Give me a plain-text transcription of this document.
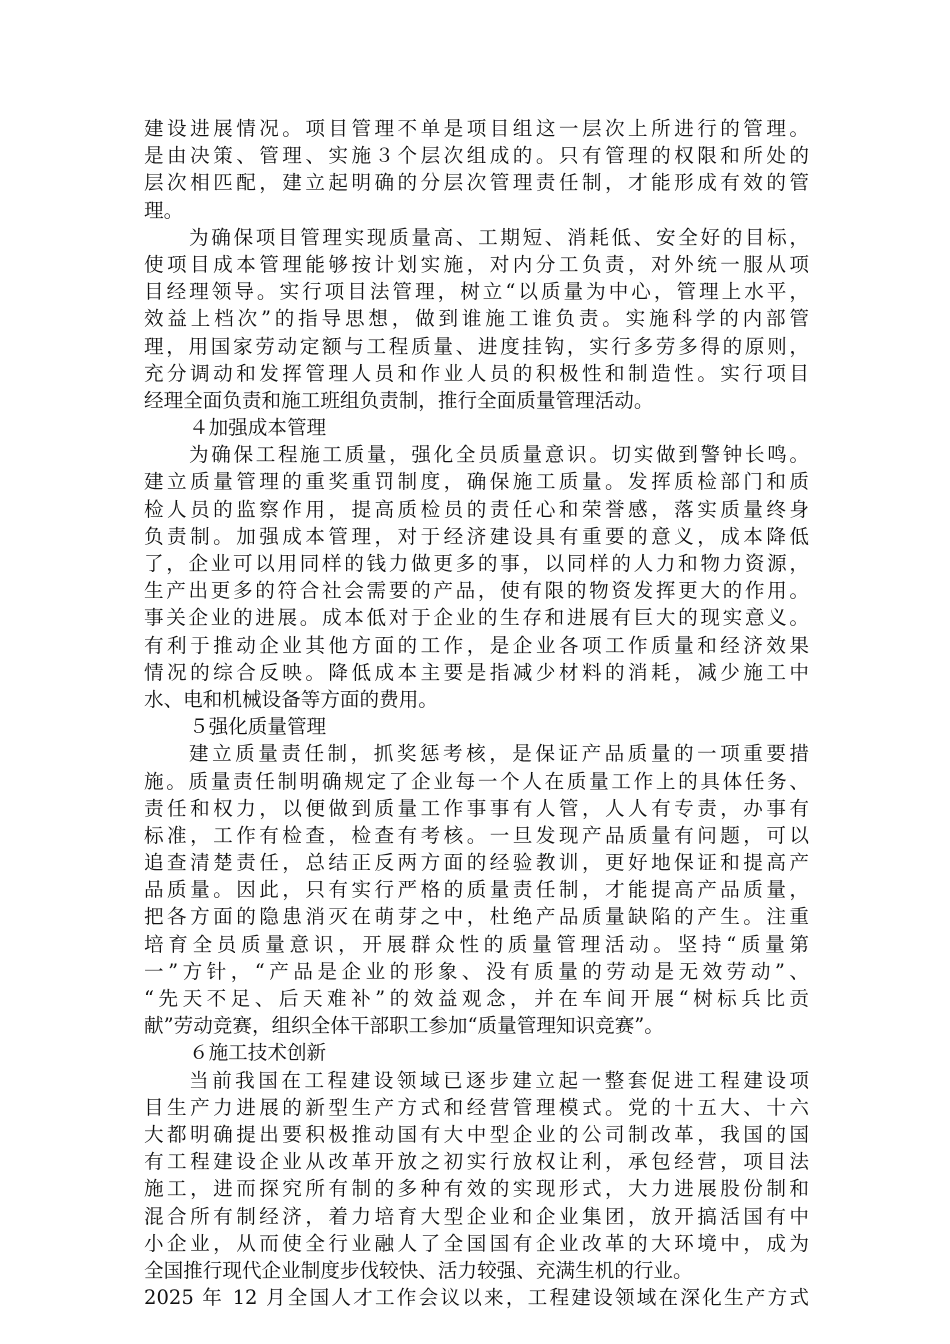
建设进展情况。项目管理不单是项目组这一层次上所进行的管理。
是由决策、管理、实施３个层次组成的。只有管理的权限和所处的
层次相匹配，建立起明确的分层次管理责任制，才能形成有效的管
理。
为确保项目管理实现质量高、工期短、消耗低、安全好的目标，
使项目成本管理能够按计划实施，对内分工负责，对外统一服从项
目经理领导。实行项目法管理，树立“以质量为中心，管理上水平，
效益上档次”的指导思想，做到谁施工谁负责。实施科学的内部管
理，用国家劳动定额与工程质量、进度挂钩，实行多劳多得的原则，
充分调动和发挥管理人员和作业人员的积极性和制造性。实行项目
经理全面负责和施工班组负责制，推行全面质量管理活动。
４加强成本管理
为确保工程施工质量，强化全员质量意识。切实做到警钟长鸣。
建立质量管理的重奖重罚制度，确保施工质量。发挥质检部门和质
检人员的监察作用，提高质检员的责任心和荣誉感，落实质量终身
负责制。加强成本管理，对于经济建设具有重要的意义，成本降低
了，企业可以用同样的钱力做更多的事，以同样的人力和物力资源，
生产出更多的符合社会需要的产品，使有限的物资发挥更大的作用。
事关企业的进展。成本低对于企业的生存和进展有巨大的现实意义。
有利于推动企业其他方面的工作，是企业各项工作质量和经济效果
情况的综合反映。降低成本主要是指减少材料的消耗，减少施工中
水、电和机械设备等方面的费用。
５强化质量管理
建立质量责任制，抓奖惩考核，是保证产品质量的一项重要措
施。质量责任制明确规定了企业每一个人在质量工作上的具体任务、
责任和权力，以便做到质量工作事事有人管，人人有专责，办事有
标准，工作有检查，检查有考核。一旦发现产品质量有问题，可以
追查清楚责任，总结正反两方面的经验教训，更好地保证和提高产
品质量。因此，只有实行严格的质量责任制，才能提高产品质量，
把各方面的隐患消灭在萌芽之中，杜绝产品质量缺陷的产生。注重
培育全员质量意识，开展群众性的质量管理活动。坚持“质量第
一”方针，“产品是企业的形象、没有质量的劳动是无效劳动”、
“先天不足、后天难补”的效益观念，并在车间开展“树标兵比贡
献”劳动竞赛，组织全体干部职工参加“质量管理知识竞赛”。
６施工技术创新
当前我国在工程建设领域已逐步建立起一整套促进工程建设项
目生产力进展的新型生产方式和经营管理模式。党的十五大、十六
大都明确提出要积极推动国有大中型企业的公司制改革，我国的国
有工程建设企业从改革开放之初实行放权让利，承包经营，项目法
施工，进而探究所有制的多种有效的实现形式，大力进展股份制和
混合所有制经济，着力培育大型企业和企业集团，放开搞活国有中
小企业，从而使全行业融人了全国国有企业改革的大环境中，成为
全国推行现代企业制度步伐较快、活力较强、充满生机的行业。
2025 年 12 月全国人才工作会议以来，工程建设领域在深化生产方式
